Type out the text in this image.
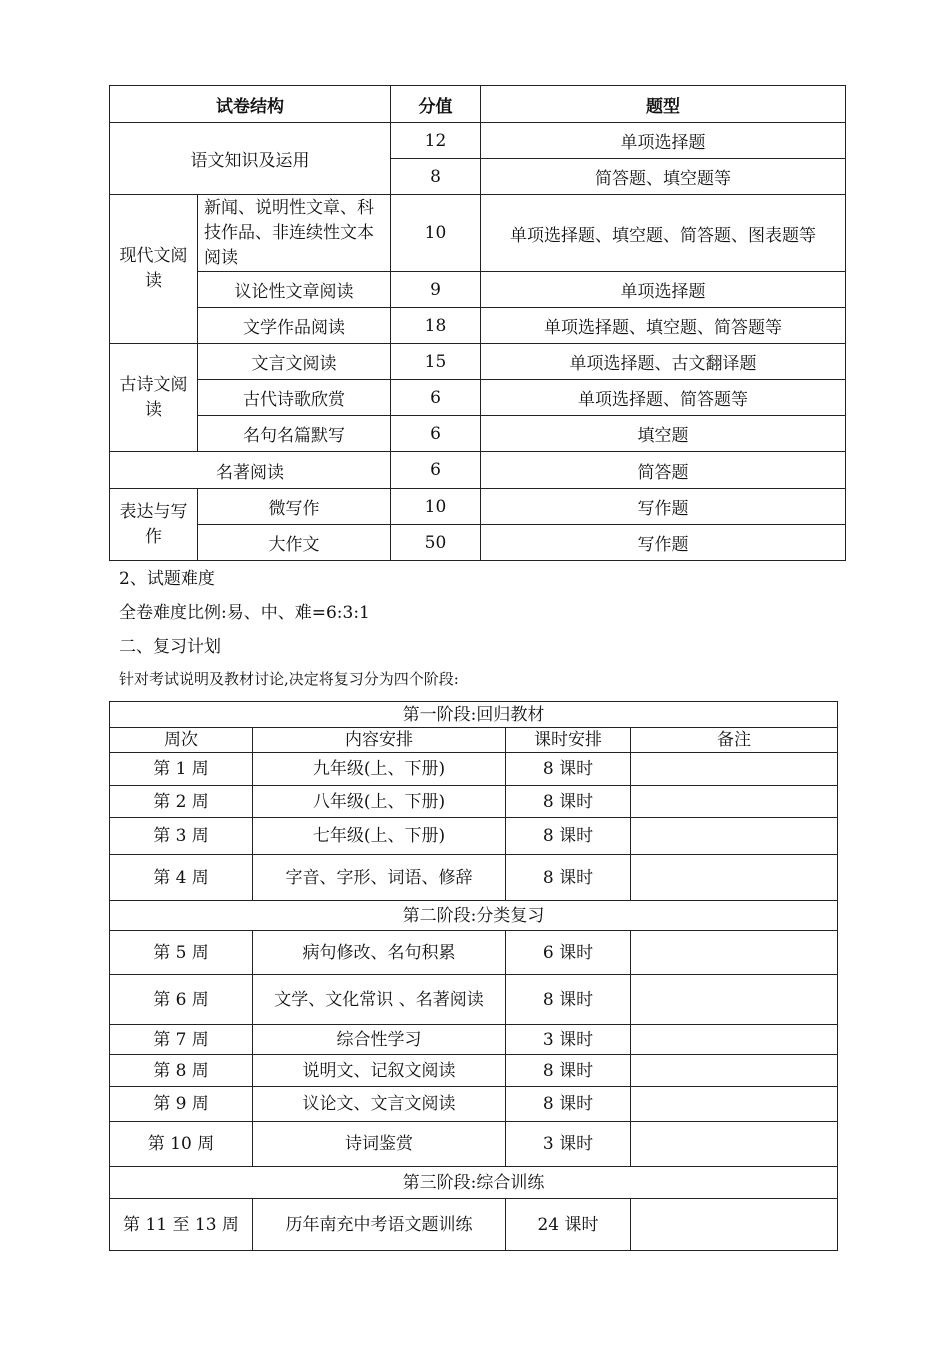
试卷结构		分值	题型
语文知识及运用		12	单项选择题
		8	简答题、填空题等
现代文阅读	新闻、说明性文章、科技作品、非连续性文本阅读	10	单项选择题、填空题、简答题、图表题等
	议论性文章阅读	9	单项选择题
	文学作品阅读	18	单项选择题、填空题、简答题等
古诗文阅读	文言文阅读	15	单项选择题、古文翻译题
	古代诗歌欣赏	6	单项选择题、简答题等
	名句名篇默写	6	填空题
名著阅读		6	简答题
表达与写作	微写作	10	写作题
	大作文	50	写作题
2、试题难度
全卷难度比例:易、中、难=6:3:1
二、复习计划
针对考试说明及教材讨论,决定将复习分为四个阶段:
第一阶段:回归教材			
周次	内容安排	课时安排	备注
第 1 周	九年级(上、下册)	8 课时	
第 2 周	八年级(上、下册)	8 课时	
第 3 周	七年级(上、下册)	8 课时	
第 4 周	字音、字形、词语、修辞	8 课时	
第二阶段:分类复习			
第 5 周	病句修改、名句积累	6 课时	
第 6 周	文学、文化常识 、名著阅读	8 课时	
第 7 周	综合性学习	3 课时	
第 8 周	说明文、记叙文阅读	8 课时	
第 9 周	议论文、文言文阅读	8 课时	
第 10 周	诗词鉴赏	3 课时	
第三阶段:综合训练			
第 11 至 13 周	历年南充中考语文题训练	24 课时	
